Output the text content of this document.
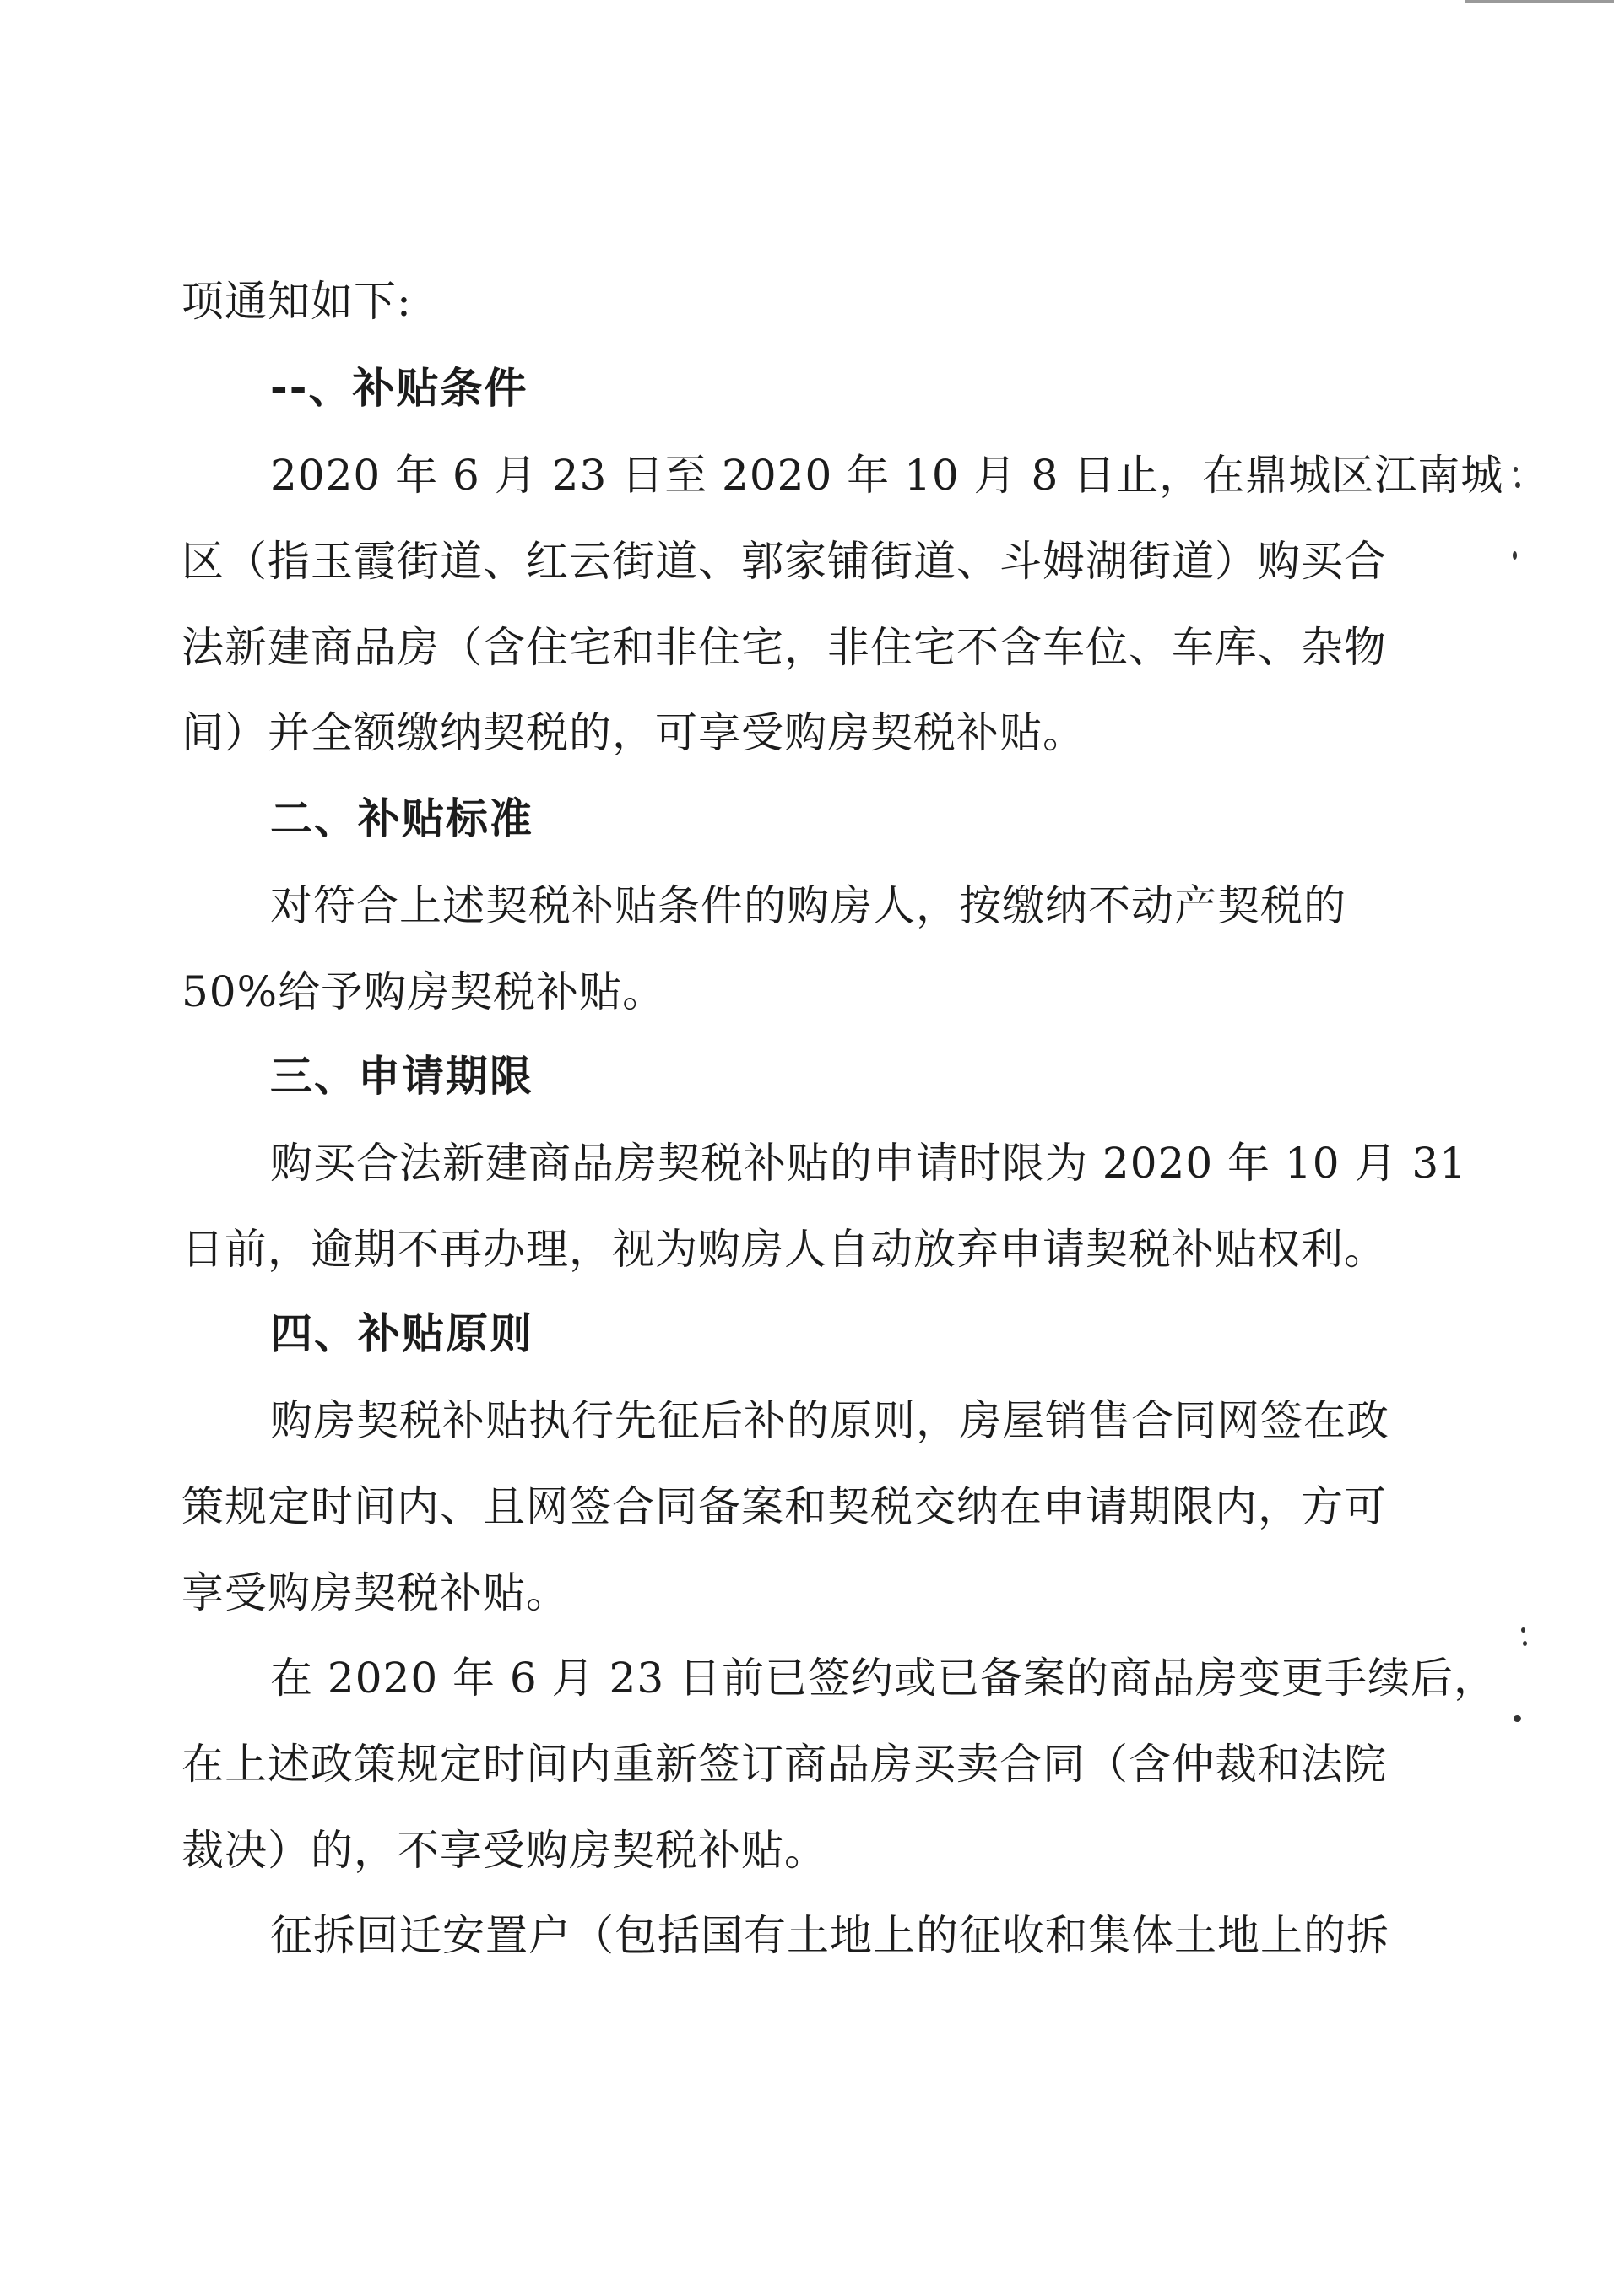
项通知如下:
--、补贴条件
2020 年 6 月 23 日至 2020 年 10 月 8 日止，在鼎城区江南城
区（指玉霞街道、红云街道、郭家铺街道、斗姆湖街道）购买合
法新建商品房（含住宅和非住宅，非住宅不含车位、车库、杂物
间）并全额缴纳契税的，可享受购房契税补贴。
二、补贴标准
对符合上述契税补贴条件的购房人，按缴纳不动产契税的
50%给予购房契税补贴。
三、申请期限
购买合法新建商品房契税补贴的申请时限为 2020 年 10 月 31
日前，逾期不再办理，视为购房人自动放弃申请契税补贴权利。
四、补贴原则
购房契税补贴执行先征后补的原则，房屋销售合同网签在政
策规定时间内、且网签合同备案和契税交纳在申请期限内，方可
享受购房契税补贴。
在 2020 年 6 月 23 日前已签约或已备案的商品房变更手续后，
在上述政策规定时间内重新签订商品房买卖合同（含仲裁和法院
裁决）的，不享受购房契税补贴。
征拆回迁安置户（包括国有土地上的征收和集体土地上的拆
